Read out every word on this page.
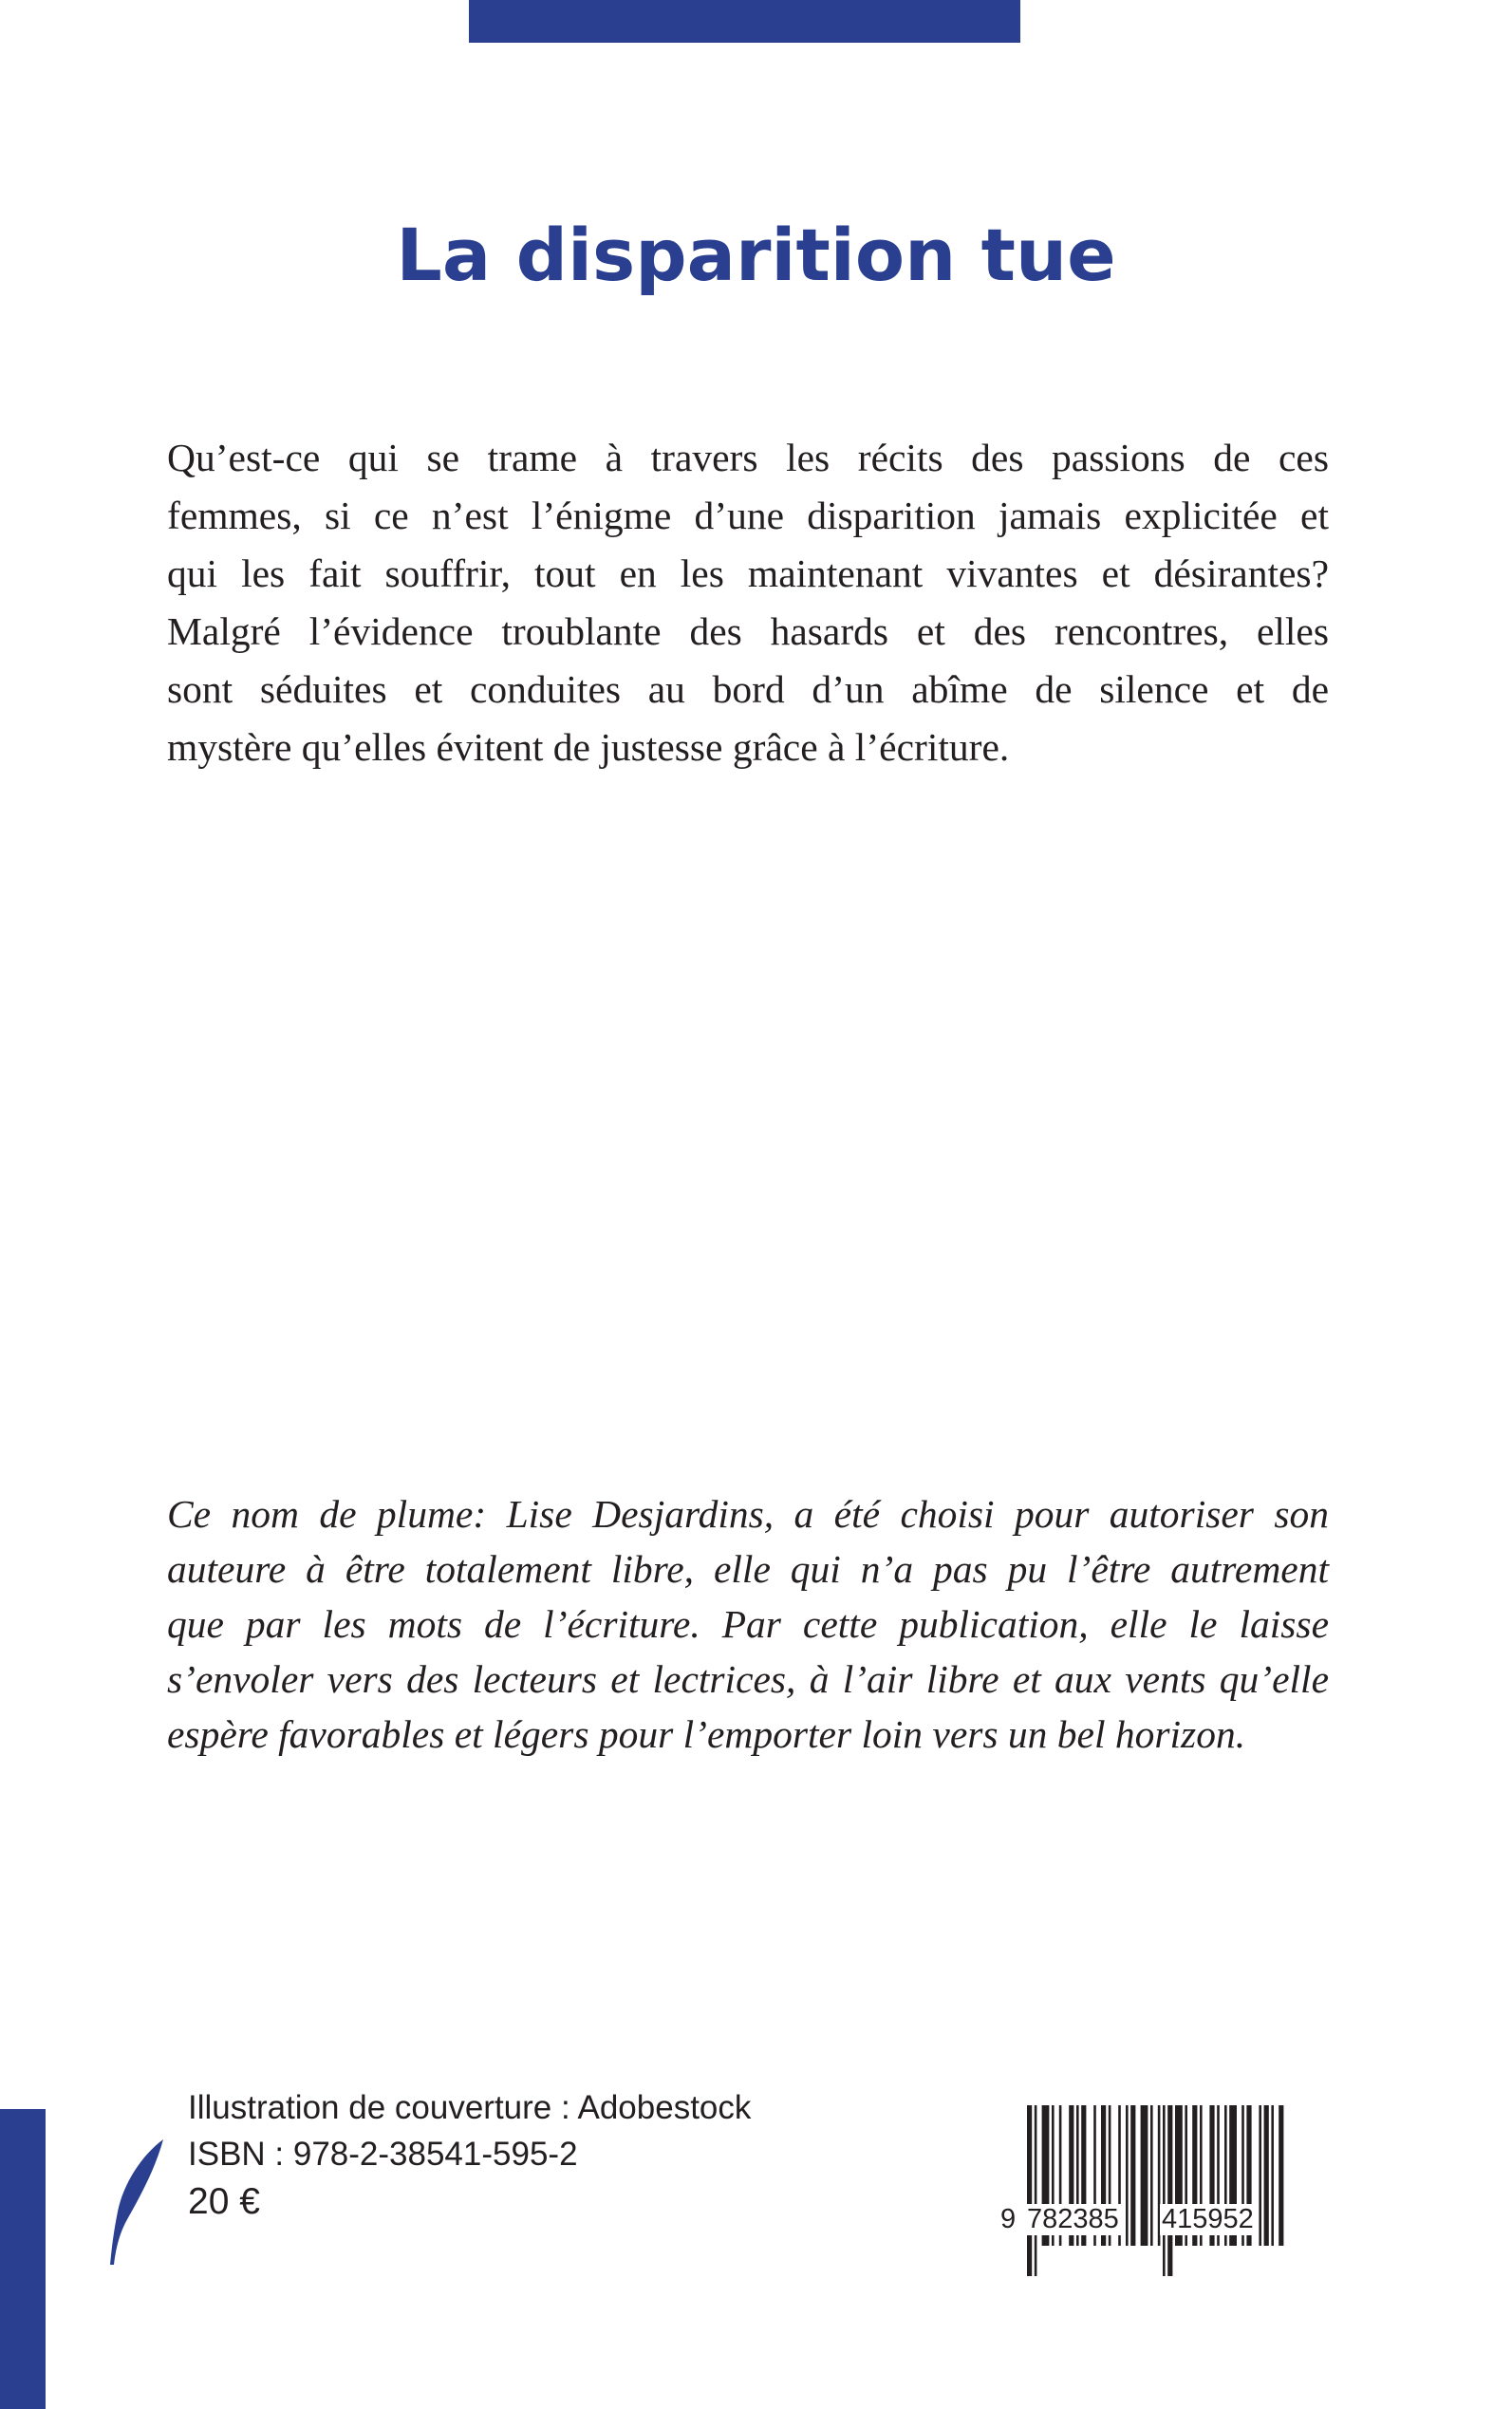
La disparition tue
Qu’est-ce qui se trame à travers les récits des passions de ces
femmes, si ce n’est l’énigme d’une disparition jamais explicitée et
qui les fait souffrir, tout en les maintenant vivantes et désirantes?
Malgré l’évidence troublante des hasards et des rencontres, elles
sont séduites et conduites au bord d’un abîme de silence et de
mystère qu’elles évitent de justesse grâce à l’écriture.
Ce nom de plume: Lise Desjardins, a été choisi pour autoriser son
auteure à être totalement libre, elle qui n’a pas pu l’être autrement
que par les mots de l’écriture. Par cette publication, elle le laisse
s’envoler vers des lecteurs et lectrices, à l’air libre et aux vents qu’elle
espère favorables et légers pour l’emporter loin vers un bel horizon.
Illustration de couverture : Adobestock
ISBN : 978-2-38541-595-2
20 €	9 782385 415952
